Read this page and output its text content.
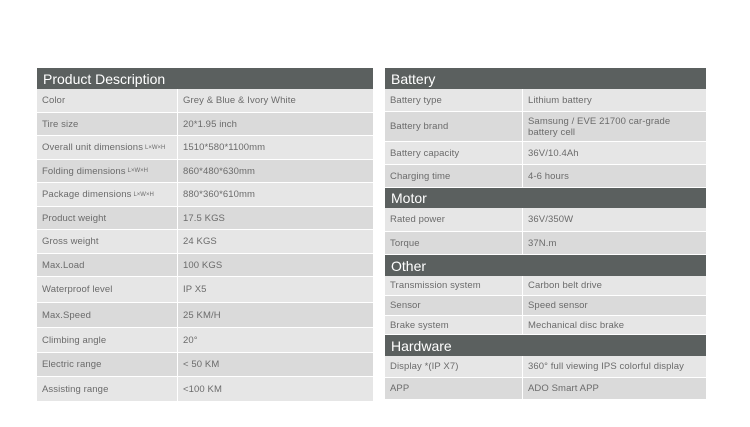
Product Description
Color	Grey & Blue & Ivory White
Tire size	20*1.95 inch
Overall unit dimensions L×W×H	1510*580*1100mm
Folding dimensions L×W×H	860*480*630mm
Package dimensions L×W×H	880*360*610mm
Product weight	17.5 KGS
Gross weight	24 KGS
Max.Load	100 KGS
Waterproof level	IP X5
Max.Speed	25 KM/H
Climbing angle	20°
Electric range	< 50 KM
Assisting range	<100 KM
Battery
Battery type	Lithium battery
Battery brand	Samsung / EVE 21700 car-grade
battery cell
Battery capacity	36V/10.4Ah
Charging time	4-6 hours
Motor
Rated power	36V/350W
Torque	37N.m
Other
Transmission system	Carbon belt drive
Sensor	Speed sensor
Brake system	Mechanical disc brake
Hardware
Display *(IP X7)	360° full viewing IPS colorful display
APP	ADO Smart APP
